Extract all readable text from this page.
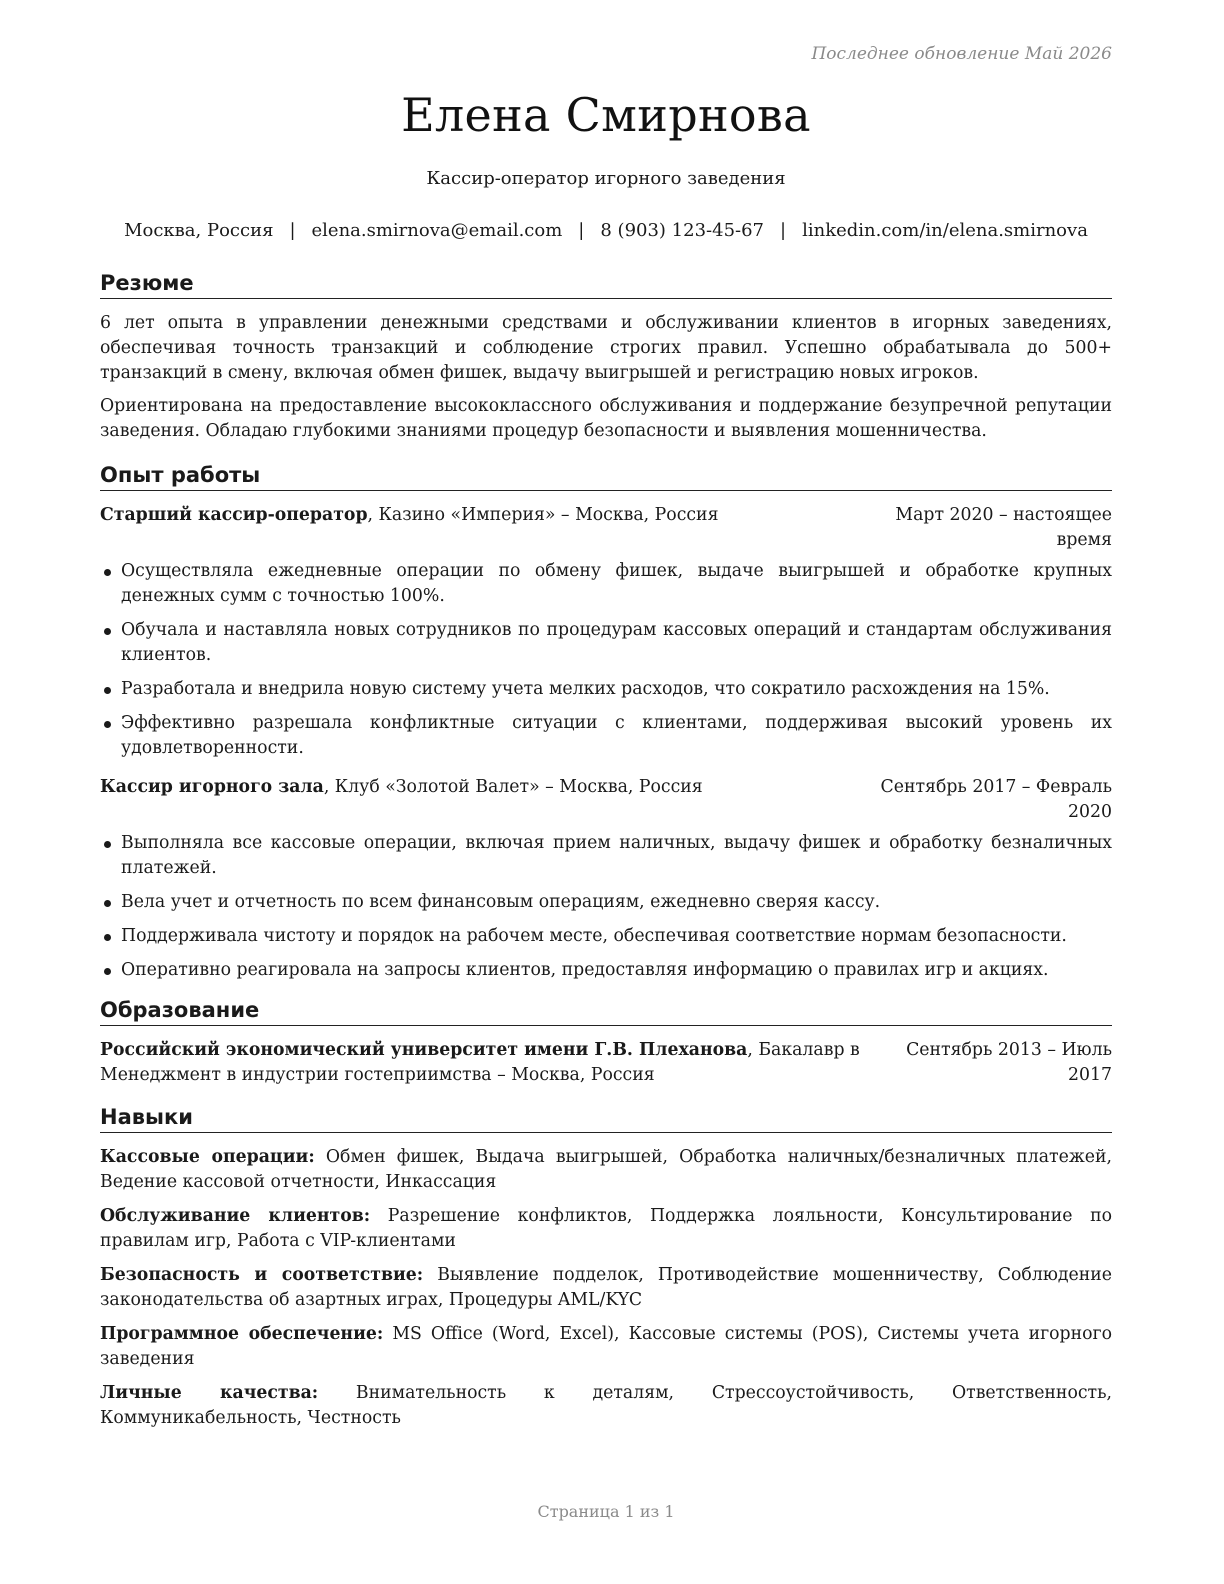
Последнее обновление Май 2026
Елена Смирнова
Кассир-оператор игорного заведения
Москва, Россия | elena.smirnova@email.com | 8 (903) 123-45-67 | linkedin.com/in/elena.smirnova
Резюме

6 лет опыта в управлении денежными средствами и обслуживании клиентов в игорных заведениях, обеспечивая точность транзакций и соблюдение строгих правил. Успешно обрабатывала до 500+ транзакций в смену, включая обмен фишек, выдачу выигрышей и регистрацию новых игроков.

Ориентирована на предоставление высококлассного обслуживания и поддержание безупречной репутации заведения. Обладаю глубокими знаниями процедур безопасности и выявления мошенничества.

Опыт работы
Старший кассир-оператор, Казино «Империя» – Москва, Россия	Март 2020 – настоящее время
Осуществляла ежедневные операции по обмену фишек, выдаче выигрышей и обработке крупных денежных сумм с точностью 100%.
Обучала и наставляла новых сотрудников по процедурам кассовых операций и стандартам обслуживания клиентов.
Разработала и внедрила новую систему учета мелких расходов, что сократило расхождения на 15%.
Эффективно разрешала конфликтные ситуации с клиентами, поддерживая высокий уровень их удовлетворенности.
Кассир игорного зала, Клуб «Золотой Валет» – Москва, Россия	Сентябрь 2017 – Февраль 2020
Выполняла все кассовые операции, включая прием наличных, выдачу фишек и обработку безналичных платежей.
Вела учет и отчетность по всем финансовым операциям, ежедневно сверяя кассу.
Поддерживала чистоту и порядок на рабочем месте, обеспечивая соответствие нормам безопасности.
Оперативно реагировала на запросы клиентов, предоставляя информацию о правилах игр и акциях.
Образование
Российский экономический университет имени Г.В. Плеханова, Бакалавр в Менеджмент в индустрии гостеприимства – Москва, Россия
Сентябрь 2013 – Июль 2017
Навыки
Кассовые операции: Обмен фишек, Выдача выигрышей, Обработка наличных/безналичных платежей, Ведение кассовой отчетности, Инкассация
Обслуживание клиентов: Разрешение конфликтов, Поддержка лояльности, Консультирование по правилам игр, Работа с VIP-клиентами
Безопасность и соответствие: Выявление подделок, Противодействие мошенничеству, Соблюдение законодательства об азартных играх, Процедуры AML/KYC
Программное обеспечение: MS Office (Word, Excel), Кассовые системы (POS), Системы учета игорного заведения
Личные качества: Внимательность к деталям, Стрессоустойчивость, Ответственность, Коммуникабельность, Честность
Страница 1 из 1
